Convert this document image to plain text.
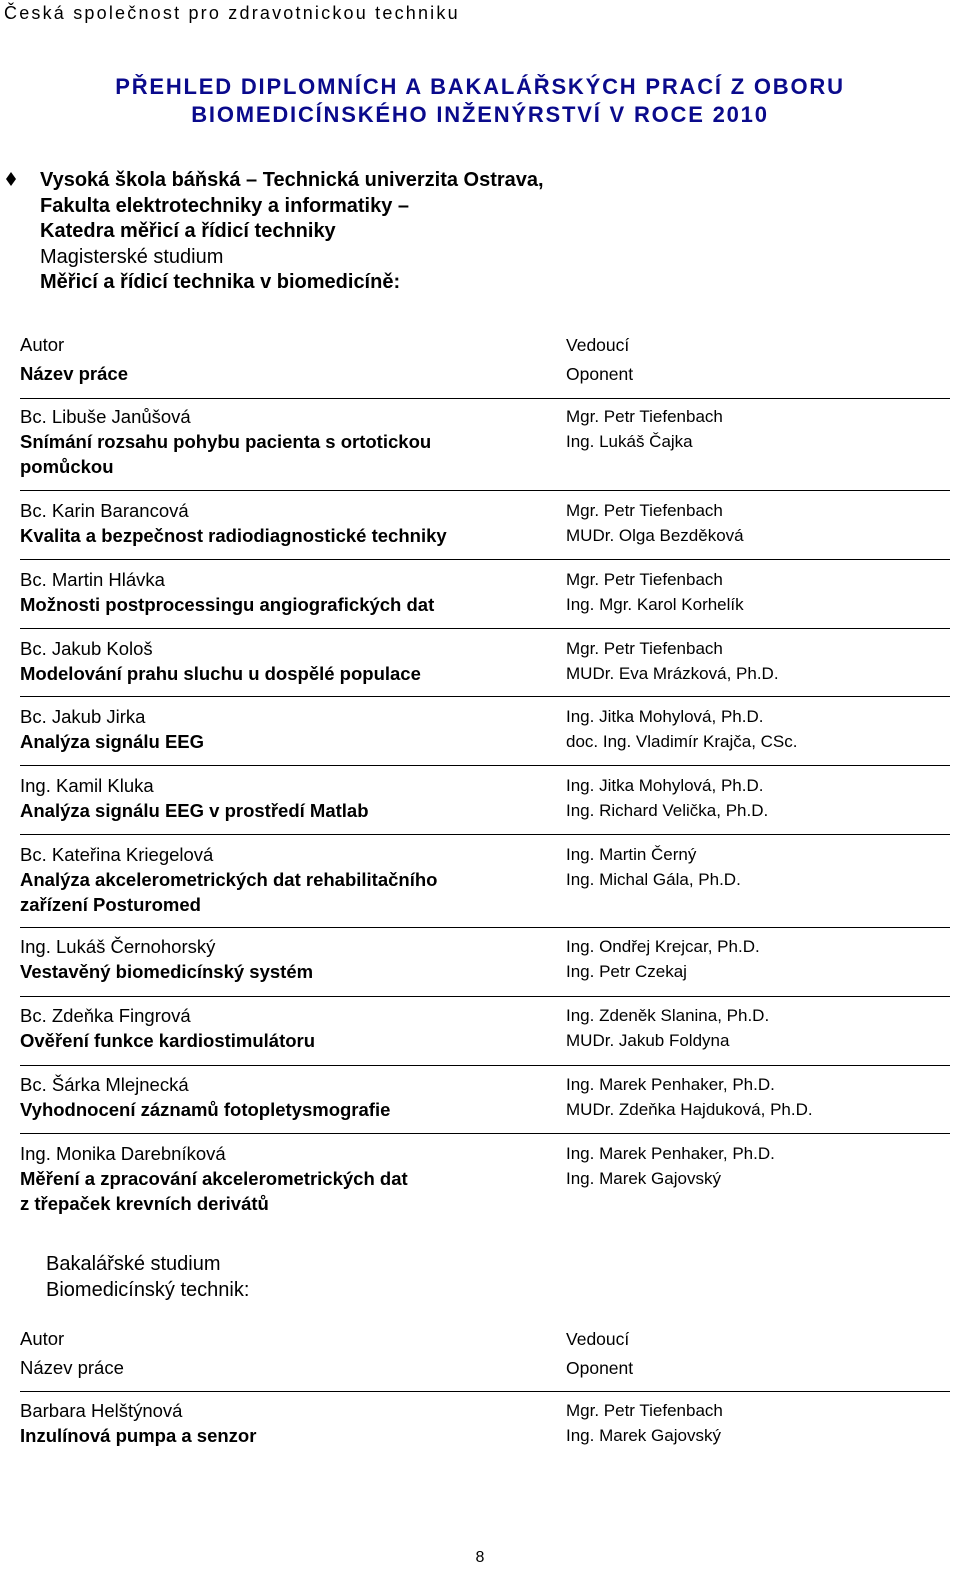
Česká společnost pro zdravotnickou techniku
PŘEHLED DIPLOMNÍCH A BAKALÁŘSKÝCH PRACÍ Z OBORU
BIOMEDICÍNSKÉHO INŽENÝRSTVÍ V ROCE 2010
Vysoká škola báňská – Technická univerzita Ostrava,
Fakulta elektrotechniky a informatiky –
Katedra měřicí a řídicí techniky
Magisterské studium
Měřicí a řídicí technika v biomedicíně:
Autor
Název práce
Vedoucí
Oponent
Bc. Libuše Janůšová
Snímání rozsahu pohybu pacienta s ortotickou
pomůckou
Mgr. Petr Tiefenbach
Ing. Lukáš Čajka
Bc. Karin Barancová
Kvalita a bezpečnost radiodiagnostické techniky
Mgr. Petr Tiefenbach
MUDr. Olga Bezděková
Bc. Martin Hlávka
Možnosti postprocessingu angiografických dat
Mgr. Petr Tiefenbach
Ing. Mgr. Karol Korhelík
Bc. Jakub Kološ
Modelování prahu sluchu u dospělé populace
Mgr. Petr Tiefenbach
MUDr. Eva Mrázková, Ph.D.
Bc. Jakub Jirka
Analýza signálu EEG
Ing. Jitka Mohylová, Ph.D.
doc. Ing. Vladimír Krajča, CSc.
Ing. Kamil Kluka
Analýza signálu EEG v prostředí Matlab
Ing. Jitka Mohylová, Ph.D.
Ing. Richard Velička, Ph.D.
Bc. Kateřina Kriegelová
Analýza akcelerometrických dat rehabilitačního
zařízení Posturomed
Ing. Martin Černý
Ing. Michal Gála, Ph.D.
Ing. Lukáš Černohorský
Vestavěný biomedicínský systém
Ing. Ondřej Krejcar, Ph.D.
Ing. Petr Czekaj
Bc. Zdeňka Fingrová
Ověření funkce kardiostimulátoru
Ing. Zdeněk Slanina, Ph.D.
MUDr. Jakub Foldyna
Bc. Šárka Mlejnecká
Vyhodnocení záznamů fotopletysmografie
Ing. Marek Penhaker, Ph.D.
MUDr. Zdeňka Hajduková, Ph.D.
Ing. Monika Darebníková
Měření a zpracování akcelerometrických dat
z třepaček krevních derivátů
Ing. Marek Penhaker, Ph.D.
Ing. Marek Gajovský
Bakalářské studium
Biomedicínský technik:
Autor
Název práce
Vedoucí
Oponent
Barbara Helštýnová
Inzulínová pumpa a senzor
Mgr. Petr Tiefenbach
Ing. Marek Gajovský
8
